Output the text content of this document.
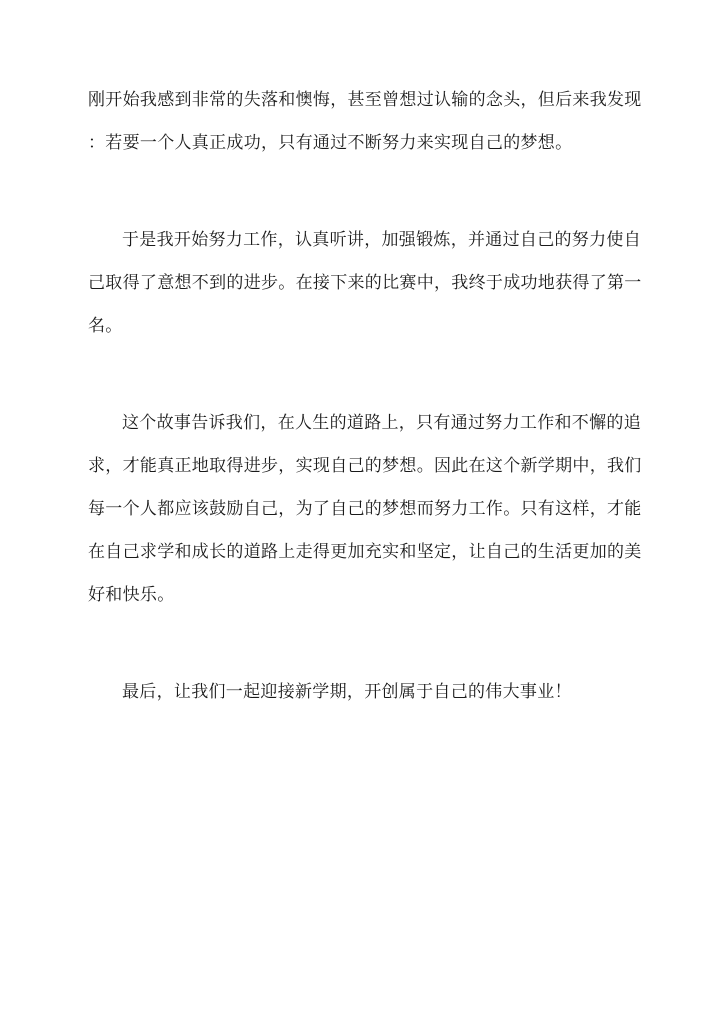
刚开始我感到非常的失落和懊悔，甚至曾想过认输的念头，但后来我发现
：若要一个人真正成功，只有通过不断努力来实现自己的梦想。
于是我开始努力工作，认真听讲，加强锻炼，并通过自己的努力使自
己取得了意想不到的进步。在接下来的比赛中，我终于成功地获得了第一
名。
这个故事告诉我们，在人生的道路上，只有通过努力工作和不懈的追
求，才能真正地取得进步，实现自己的梦想。因此在这个新学期中，我们
每一个人都应该鼓励自己，为了自己的梦想而努力工作。只有这样，才能
在自己求学和成长的道路上走得更加充实和坚定，让自己的生活更加的美
好和快乐。
最后，让我们一起迎接新学期，开创属于自己的伟大事业！
